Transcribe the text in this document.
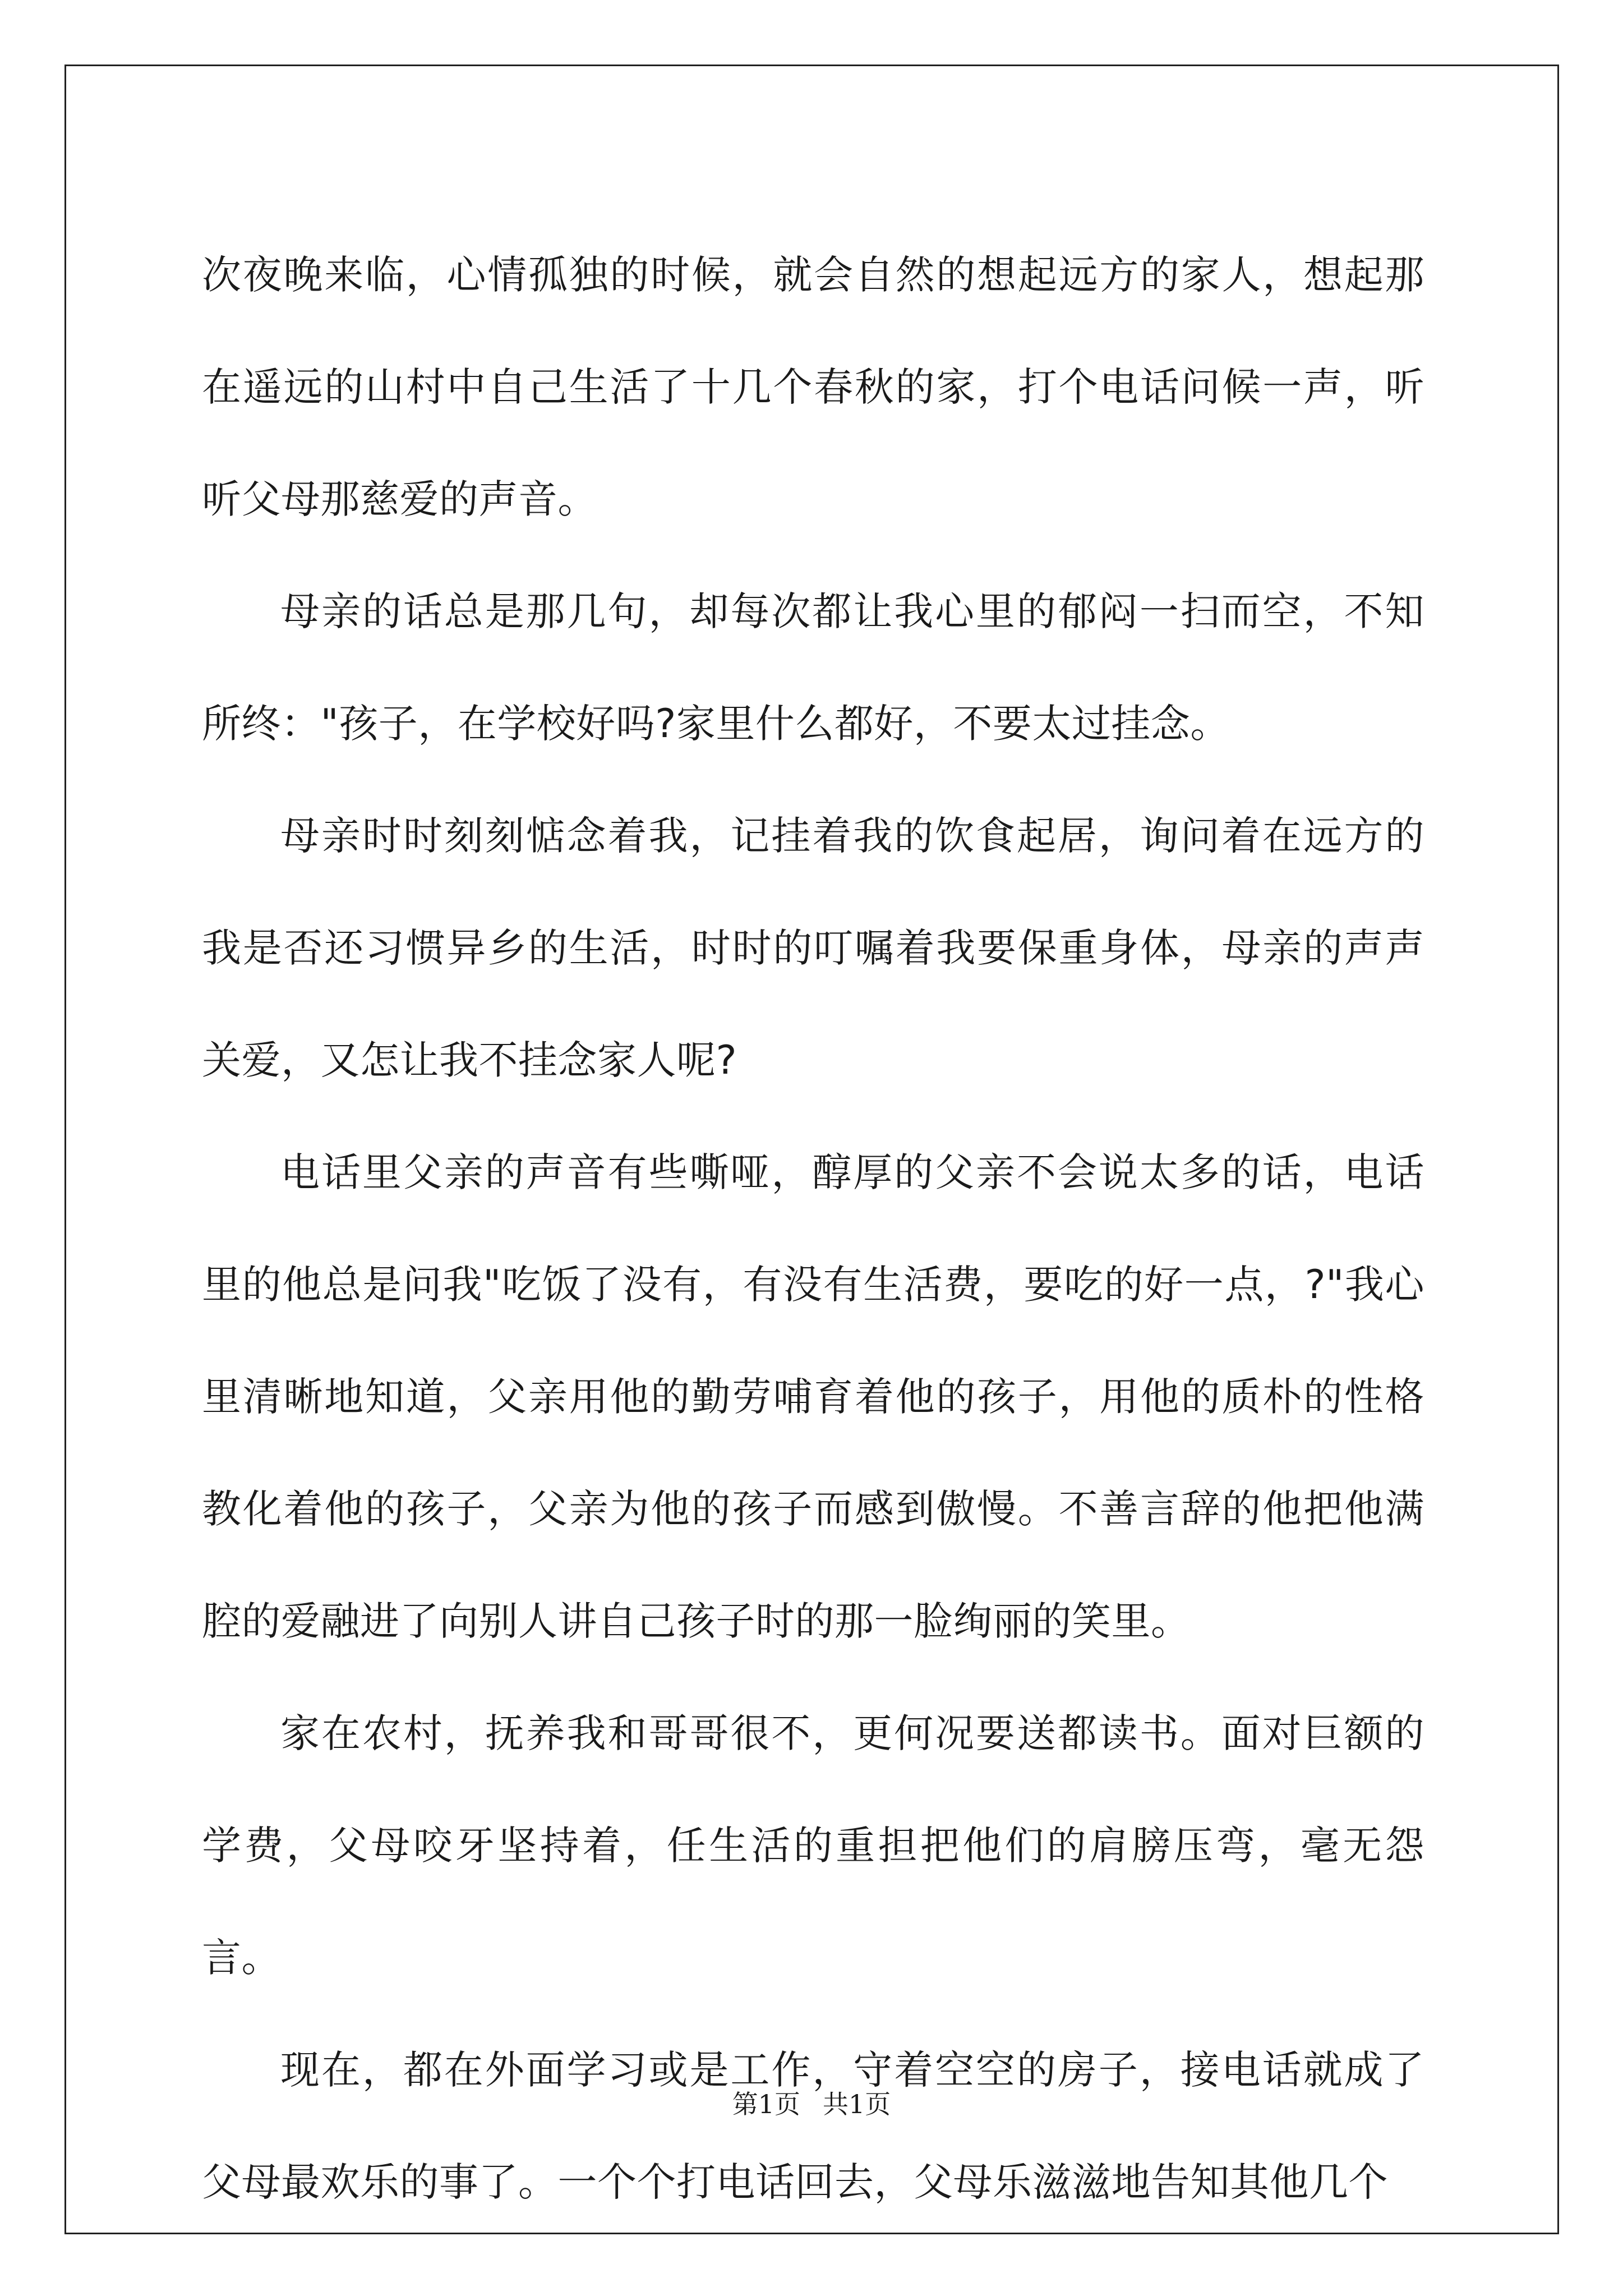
次夜晚来临，心情孤独的时候，就会自然的想起远方的家人，想起那在遥远的山村中自己生活了十几个春秋的家，打个电话问候一声，听听父母那慈爱的声音。

母亲的话总是那几句，却每次都让我心里的郁闷一扫而空，不知所终："孩子，在学校好吗?家里什么都好，不要太过挂念。

母亲时时刻刻惦念着我，记挂着我的饮食起居，询问着在远方的我是否还习惯异乡的生活，时时的叮嘱着我要保重身体，母亲的声声关爱，又怎让我不挂念家人呢?

电话里父亲的声音有些嘶哑，醇厚的父亲不会说太多的话，电话里的他总是问我"吃饭了没有，有没有生活费，要吃的好一点，?"我心里清晰地知道，父亲用他的勤劳哺育着他的孩子，用他的质朴的性格教化着他的孩子，父亲为他的孩子而感到傲慢。不善言辞的他把他满腔的爱融进了向别人讲自己孩子时的那一脸绚丽的笑里。

家在农村，抚养我和哥哥很不，更何况要送都读书。面对巨额的学费，父母咬牙坚持着，任生活的重担把他们的肩膀压弯，毫无怨言。

现在，都在外面学习或是工作，守着空空的房子，接电话就成了父母最欢乐的事了。一个个打电话回去，父母乐滋滋地告知其他几个

第1页 共1页
